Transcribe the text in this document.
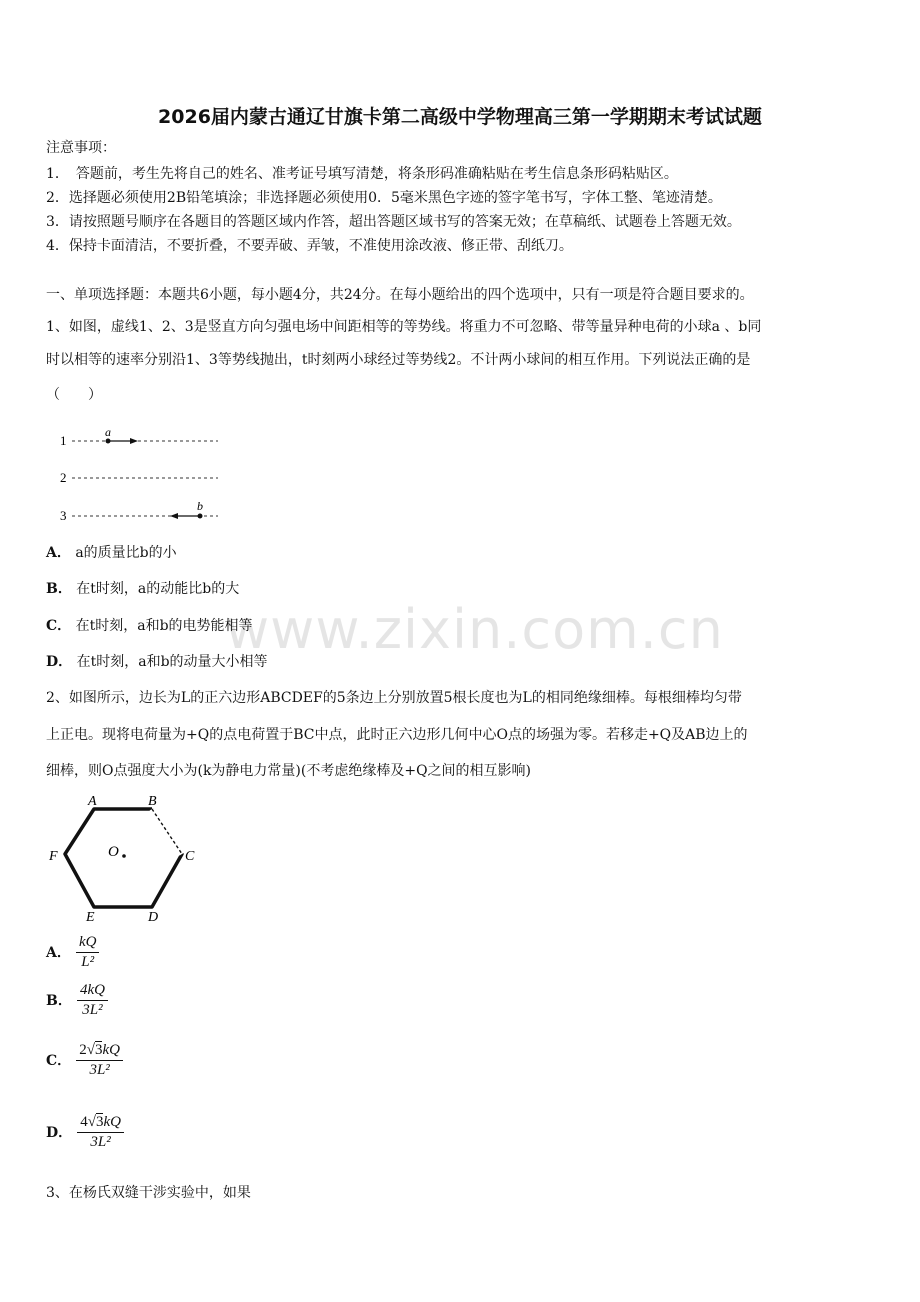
2026届内蒙古通辽甘旗卡第二高级中学物理高三第一学期期末考试试题
注意事项：
1．　答题前，考生先将自己的姓名、准考证号填写清楚，将条形码准确粘贴在考生信息条形码粘贴区。
2．选择题必须使用2B铅笔填涂；非选择题必须使用0．5毫米黑色字迹的签字笔书写，字体工整、笔迹清楚。
3．请按照题号顺序在各题目的答题区域内作答，超出答题区域书写的答案无效；在草稿纸、试题卷上答题无效。
4．保持卡面清洁，不要折叠，不要弄破、弄皱，不准使用涂改液、修正带、刮纸刀。
一、单项选择题：本题共6小题，每小题4分，共24分。在每小题给出的四个选项中，只有一项是符合题目要求的。
1、如图，虚线1、2、3是竖直方向匀强电场中间距相等的等势线。将重力不可忽略、带等量异种电荷的小球a 、b同
时以相等的速率分别沿1、3等势线抛出，t时刻两小球经过等势线2。不计两小球间的相互作用。下列说法正确的是
（　　）
1
2
3
a
b
A． a的质量比b的小
B． 在t时刻，a的动能比b的大
C． 在t时刻，a和b的电势能相等
D． 在t时刻，a和b的动量大小相等
www.zixin.com.cn
2、如图所示，边长为L的正六边形ABCDEF的5条边上分别放置5根长度也为L的相同绝缘细棒。每根细棒均匀带
上正电。现将电荷量为+Q的点电荷置于BC中点，此时正六边形几何中心O点的场强为零。若移走+Q及AB边上的
细棒，则O点强度大小为(k为静电力常量)(不考虑绝缘棒及+Q之间的相互影响)
A	B
C
D
E
F	O
A． $\frac{kQ}{\text{L²}}$
B． $\frac{4kQ}{\text{3L²}}$
C． $\frac{2√3kQ}{\text{3L²}}$
D． $\frac{4√3kQ}{\text{3L²}}$
3、在杨氏双缝干涉实验中，如果
